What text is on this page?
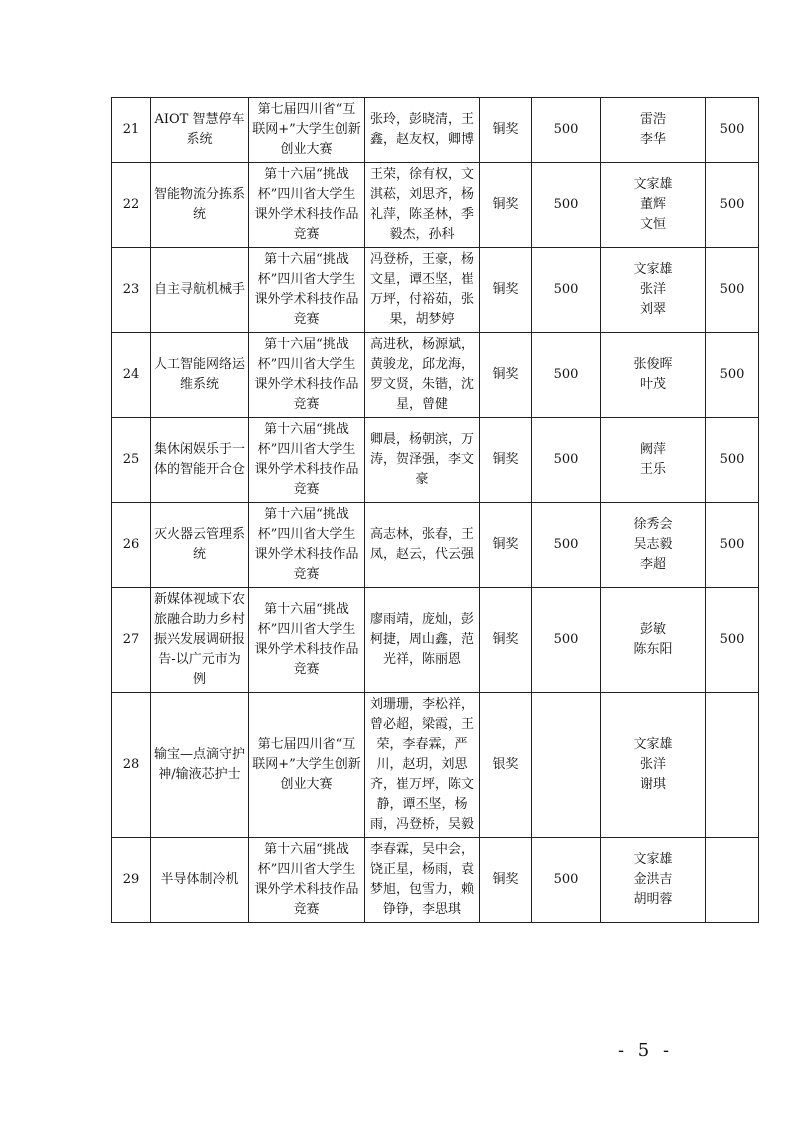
21	AIOT 智慧停车系统	第七届四川省“互联网+”大学生创新创业大赛	张玲，彭晓清，王鑫，赵友权，卿博	铜奖	500	雷浩
李华	500
22	智能物流分拣系统	第十六届“挑战杯”四川省大学生课外学术科技作品竞赛	王荣，徐有权，文淇菘，刘思齐，杨礼萍，陈圣林，季毅杰，孙科	铜奖	500	文家雄
董辉
文恒	500
23	自主寻航机械手	第十六届“挑战杯”四川省大学生课外学术科技作品竞赛	冯登桥，王豪，杨文星，谭丕坚，崔万坪，付裕茹，张果，胡梦婷	铜奖	500	文家雄
张洋
刘翠	500
24	人工智能网络运维系统	第十六届“挑战杯”四川省大学生课外学术科技作品竞赛	高进秋，杨源斌，黄骏龙，邱龙海，罗文贤，朱锴，沈星，曾健	铜奖	500	张俊晖
叶茂	500
25	集休闲娱乐于一体的智能开合仓	第十六届“挑战杯”四川省大学生课外学术科技作品竞赛	卿晨，杨朝滨，万涛，贺泽强，李文豪	铜奖	500	阙萍
王乐	500
26	灭火器云管理系统	第十六届“挑战杯”四川省大学生课外学术科技作品竞赛	高志林，张春，王凤，赵云，代云强	铜奖	500	徐秀会
吴志毅
李超	500
27	新媒体视域下农旅融合助力乡村振兴发展调研报告-以广元市为例	第十六届“挑战杯”四川省大学生课外学术科技作品竞赛	廖雨靖，庞灿，彭柯捷，周山鑫，范光祥，陈丽恩	铜奖	500	彭敏
陈东阳	500
28	输宝—点滴守护神/输液芯护士	第七届四川省“互联网+”大学生创新创业大赛	刘珊珊，李松祥，曾必超，梁霞，王荣，李春霖，严川，赵玥，刘思齐，崔万坪，陈文静，谭丕坚，杨雨，冯登桥，吴毅	银奖		文家雄
张洋
谢琪	

29	半导体制冷机	第十六届“挑战杯”四川省大学生课外学术科技作品竞赛	李春霖，吴中会，饶正星，杨雨，袁梦旭，包雪力，赖铮铮，李思琪	铜奖	500	文家雄
金洪吉
胡明蓉	

- 5 -
